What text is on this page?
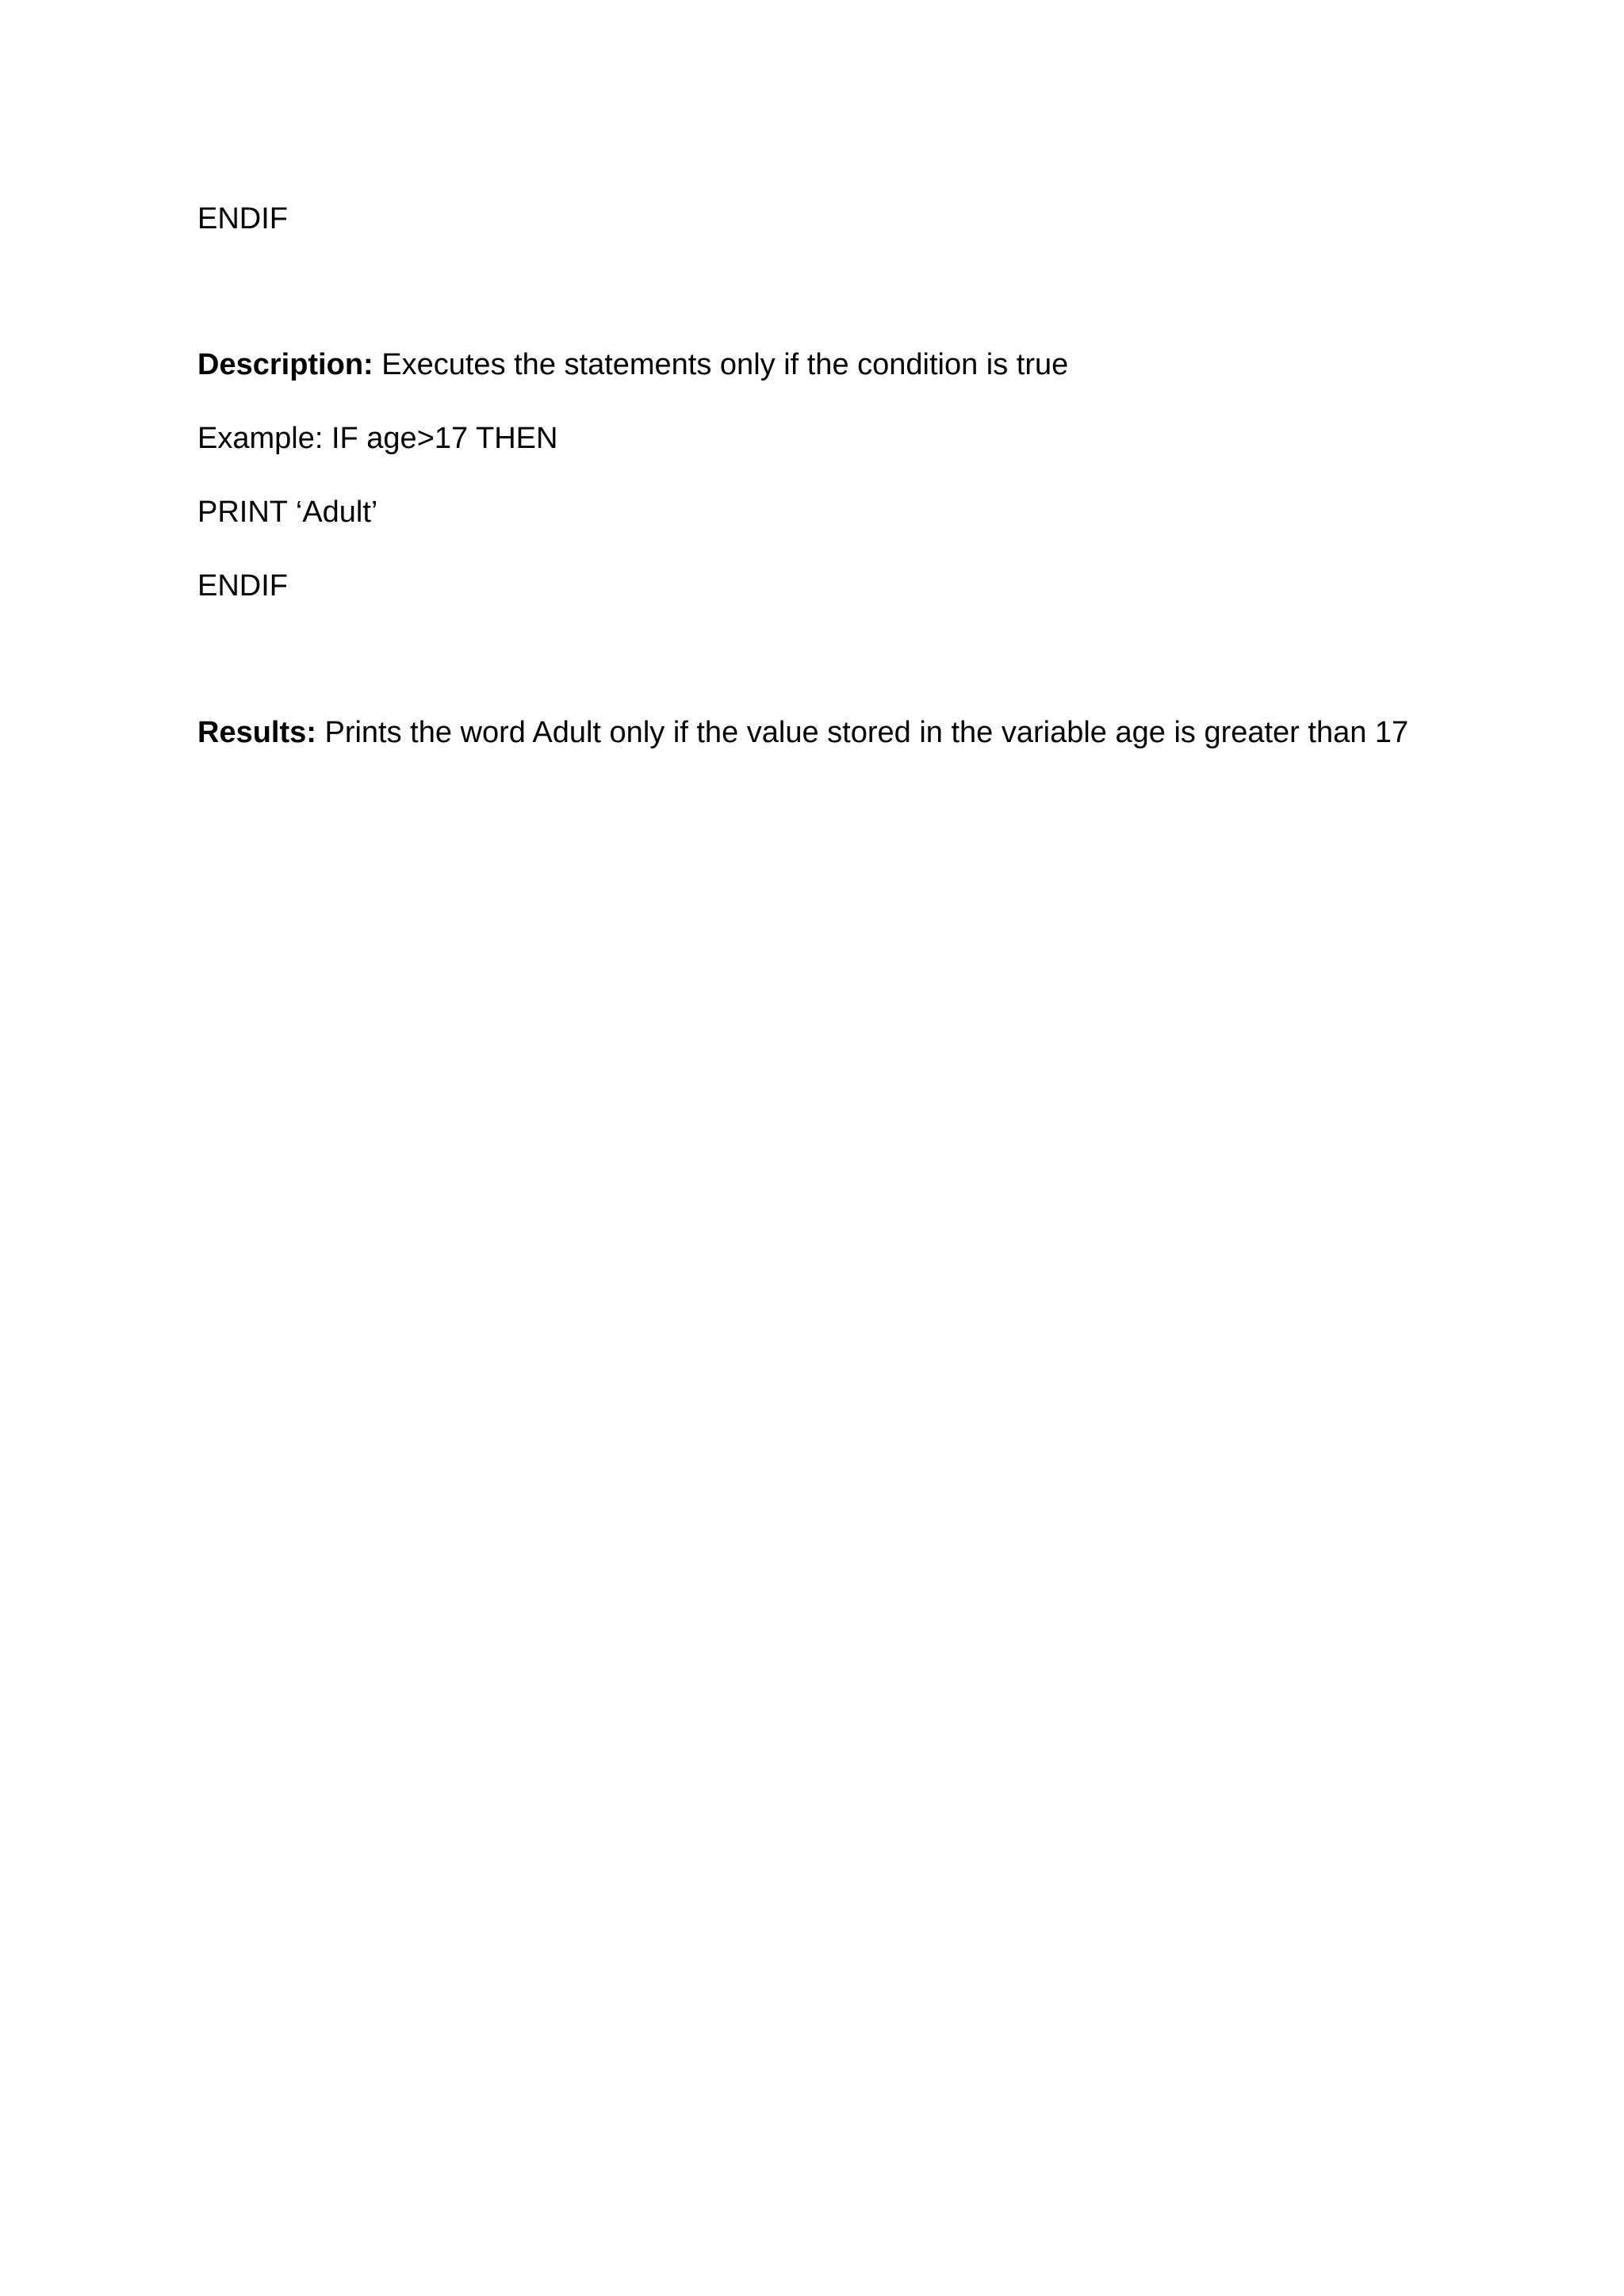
ENDIF

Description: Executes the statements only if the condition is true

Example: IF age>17 THEN

PRINT ‘Adult’

ENDIF

Results: Prints the word Adult only if the value stored in the variable age is greater than 17
